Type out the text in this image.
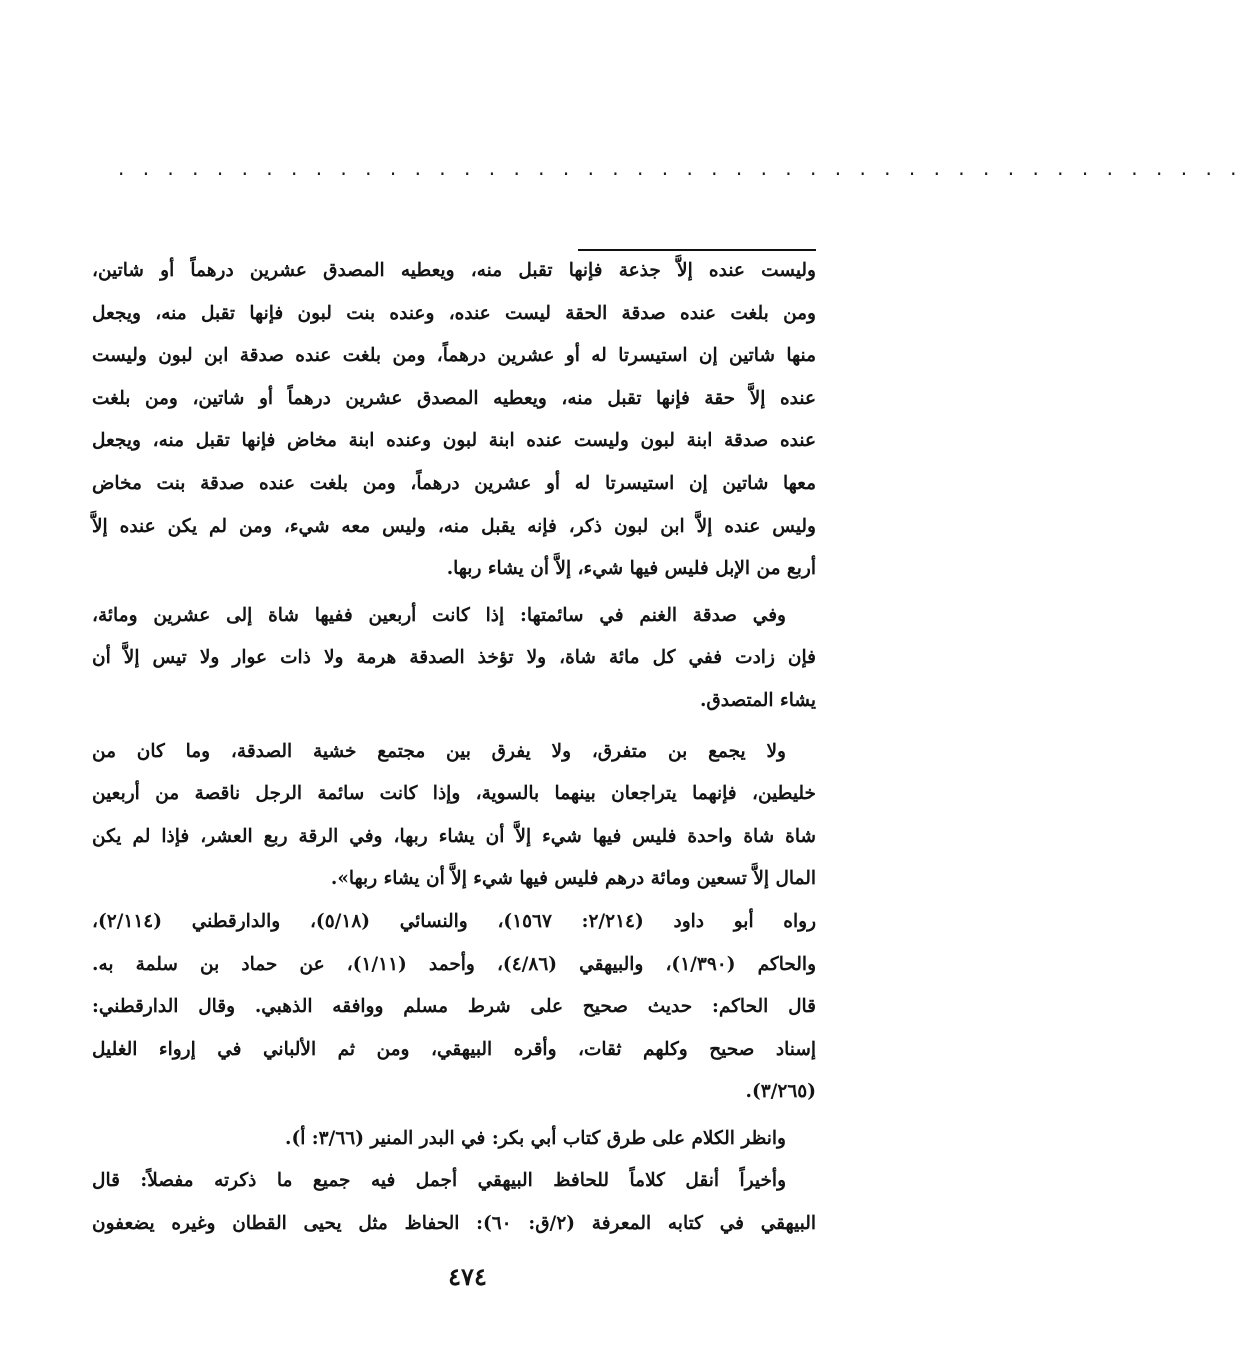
. . . . . . . . . . . . . . . . . . . . . . . . . . . . . . . . . . . . . . . . . . . . . .

وليست عنده إلاَّ جذعة فإنها تقبل منه، ويعطيه المصدق عشرين درهماً أو شاتين،
ومن بلغت عنده صدقة الحقة ليست عنده، وعنده بنت لبون فإنها تقبل منه، ويجعل
منها شاتين إن استيسرتا له أو عشرين درهماً، ومن بلغت عنده صدقة ابن لبون وليست
عنده إلاَّ حقة فإنها تقبل منه، ويعطيه المصدق عشرين درهماً أو شاتين، ومن بلغت
عنده صدقة ابنة لبون وليست عنده ابنة لبون وعنده ابنة مخاض فإنها تقبل منه، ويجعل
معها شاتين إن استيسرتا له أو عشرين درهماً، ومن بلغت عنده صدقة بنت مخاض
وليس عنده إلاَّ ابن لبون ذكر، فإنه يقبل منه، وليس معه شيء، ومن لم يكن عنده إلاَّ
أربع من الإبل فليس فيها شيء، إلاَّ أن يشاء ربها.

وفي صدقة الغنم في سائمتها: إذا كانت أربعين ففيها شاة إلى عشرين ومائة،
فإن زادت ففي كل مائة شاة، ولا تؤخذ الصدقة هرمة ولا ذات عوار ولا تيس إلاَّ أن
يشاء المتصدق.

ولا يجمع بن متفرق، ولا يفرق بين مجتمع خشية الصدقة، وما كان من
خليطين، فإنهما يتراجعان بينهما بالسوية، وإذا كانت سائمة الرجل ناقصة من أربعين
شاة شاة واحدة فليس فيها شيء إلاَّ أن يشاء ربها، وفي الرقة ربع العشر، فإذا لم يكن
المال إلاَّ تسعين ومائة درهم فليس فيها شيء إلاَّ أن يشاء ربها».

رواه أبو داود (٢/٢١٤: ١٥٦٧)، والنسائي (٥/١٨)، والدارقطني (٢/١١٤)،
والحاكم (١/٣٩٠)، والبيهقي (٤/٨٦)، وأحمد (١/١١)، عن حماد بن سلمة به.
قال الحاكم: حديث صحيح على شرط مسلم ووافقه الذهبي. وقال الدارقطني:
إسناد صحيح وكلهم ثقات، وأقره البيهقي، ومن ثم الألباني في إرواء الغليل
(٣/٢٦٥).

وانظر الكلام على طرق كتاب أبي بكر: في البدر المنير (٣/٦٦: أ).

وأخيراً أنقل كلاماً للحافظ البيهقي أجمل فيه جميع ما ذكرته مفصلاً: قال
البيهقي في كتابه المعرفة (٢/ق: ٦٠): الحفاظ مثل يحيى القطان وغيره يضعفون

٤٧٤
